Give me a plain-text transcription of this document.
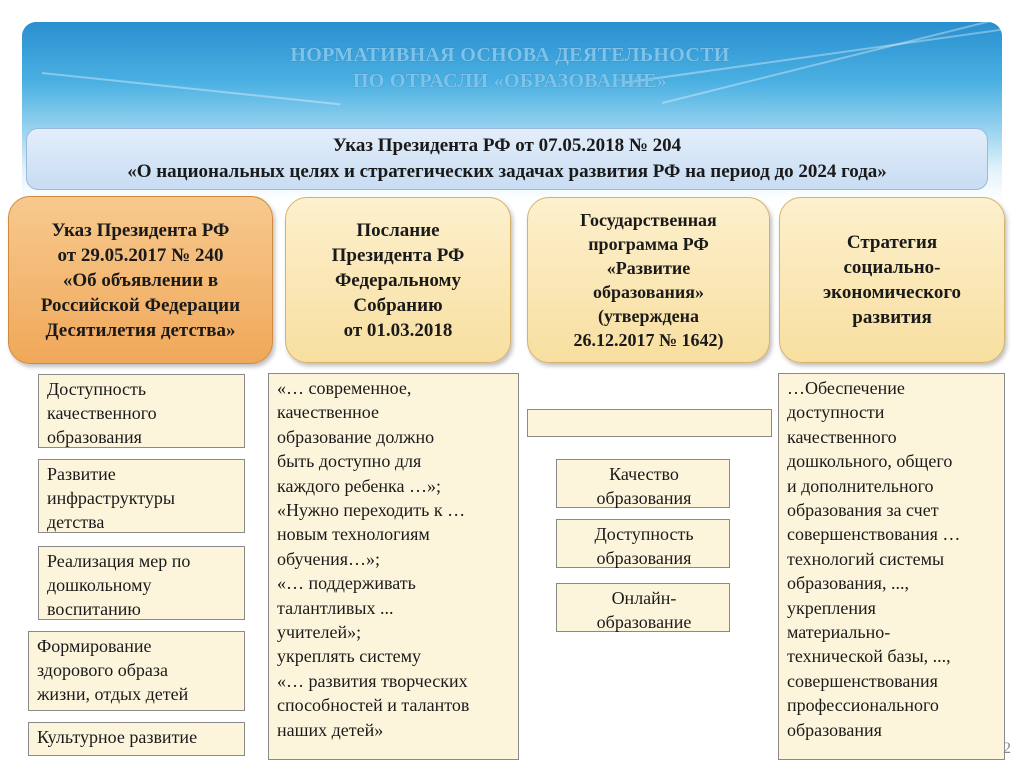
НОРМАТИВНАЯ ОСНОВА ДЕЯТЕЛЬНОСТИ
ПО ОТРАСЛИ «ОБРАЗОВАНИЕ»
Указ Президента РФ от 07.05.2018 № 204
«О национальных целях и стратегических задачах развития РФ на период до 2024 года»
Указ Президента РФ
от 29.05.2017 № 240
«Об объявлении в
Российской Федерации
Десятилетия детства»
Послание
Президента РФ
Федеральному
Собранию
от 01.03.2018
Государственная
программа РФ
«Развитие
образования»
(утверждена
26.12.2017 № 1642)
Стратегия
социально-
экономического
развития
Доступность
качественного
образования
Развитие
инфраструктуры
детства
Реализация мер по
дошкольному
воспитанию
Формирование
здорового образа
жизни, отдых детей
Культурное развитие
«… современное,
качественное
образование должно
быть доступно для
каждого ребенка …»;
«Нужно переходить к …
новым технологиям
обучения…»;
«… поддерживать
талантливых ...
учителей»;
укреплять систему
«… развития творческих
способностей и талантов
наших детей»
Качество
образования
Доступность
образования
Онлайн-
образование
…Обеспечение
доступности
качественного
дошкольного, общего
и дополнительного
образования за счет
совершенствования …
технологий системы
образования, ...,
укрепления
материально-
технической базы, ...,
совершенствования
профессионального
образования
2
